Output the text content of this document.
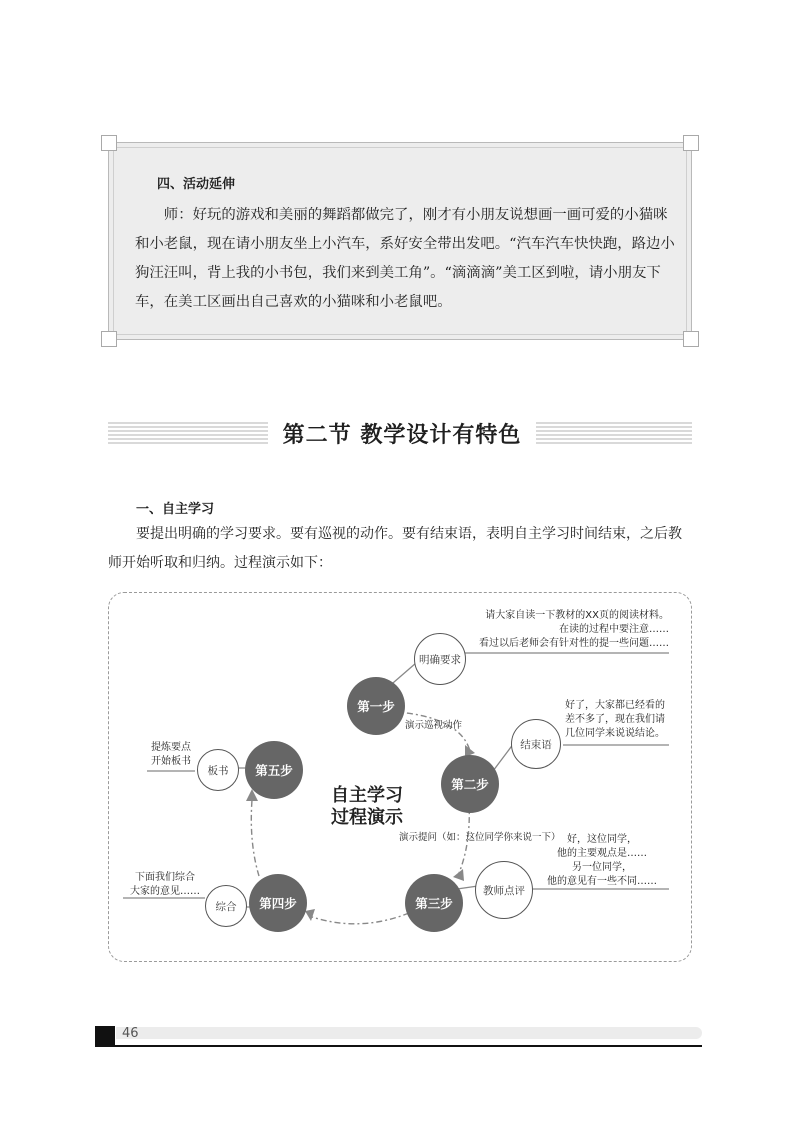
四、活动延伸

师：好玩的游戏和美丽的舞蹈都做完了，刚才有小朋友说想画一画可爱的小猫咪和小老鼠，现在请小朋友坐上小汽车，系好安全带出发吧。“汽车汽车快快跑，路边小狗汪汪叫，背上我的小书包，我们来到美工角”。“滴滴滴”美工区到啦，请小朋友下车，在美工区画出自己喜欢的小猫咪和小老鼠吧。

第二节 教学设计有特色
一、自主学习

要提出明确的学习要求。要有巡视的动作。要有结束语，表明自主学习时间结束，之后教师开始听取和归纳。过程演示如下：

第一步
第二步
第三步
第四步
第五步
明确要求
结束语
教师点评
综合
板书
请大家自读一下教材的XX页的阅读材料。
在读的过程中要注意……
看过以后老师会有针对性的提一些问题……
好了，大家都已经看的
差不多了，现在我们请
几位同学来说说结论。
好，这位同学，
他的主要观点是……
另一位同学，
他的意见有一些不同……
下面我们综合
大家的意见……
提炼要点
开始板书
演示巡视动作
演示提问（如：这位同学你来说一下）
自主学习
过程演示
46
